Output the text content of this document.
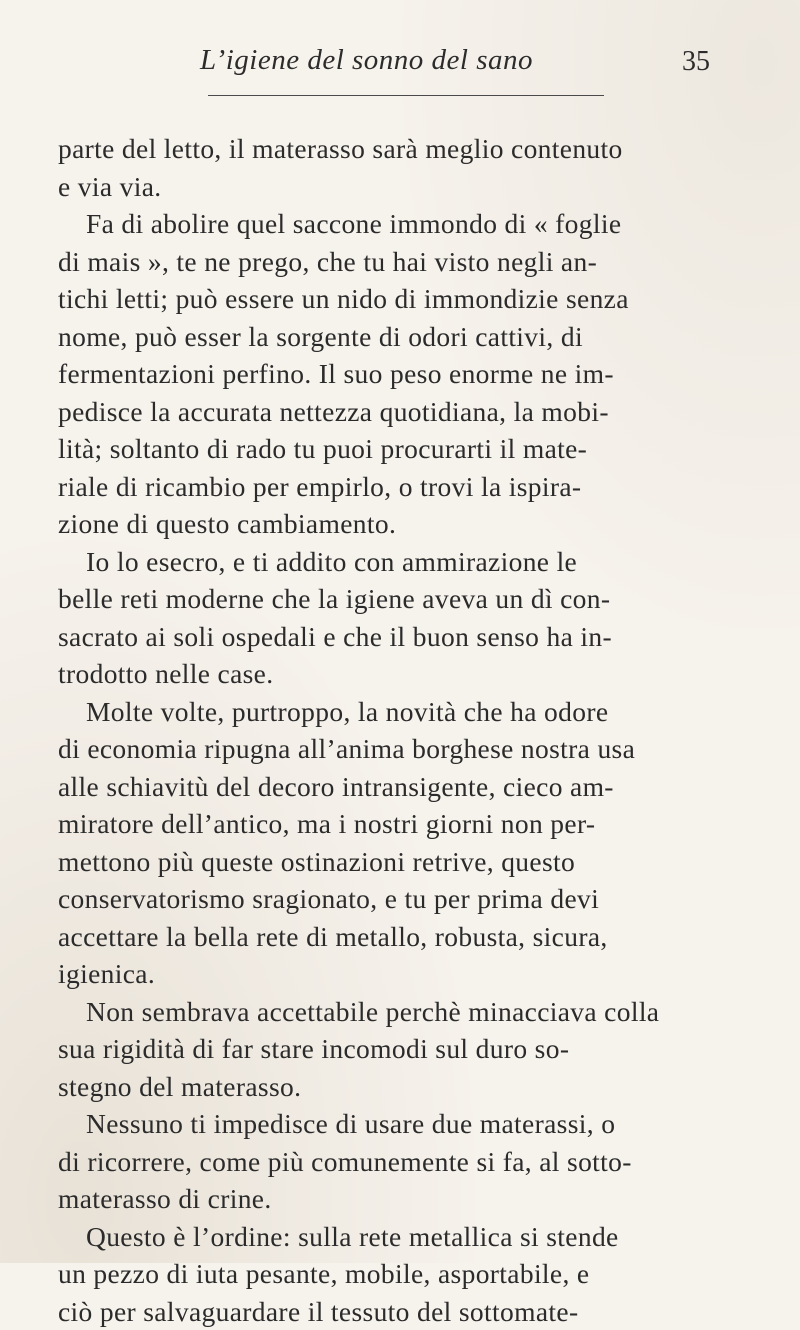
L’igiene del sonno del sano	35
parte del letto, il materasso sarà meglio contenuto
e via via.
Fa di abolire quel saccone immondo di « foglie
di mais », te ne prego, che tu hai visto negli an-
tichi letti; può essere un nido di immondizie senza
nome, può esser la sorgente di odori cattivi, di
fermentazioni perfino. Il suo peso enorme ne im-
pedisce la accurata nettezza quotidiana, la mobi-
lità; soltanto di rado tu puoi procurarti il mate-
riale di ricambio per empirlo, o trovi la ispira-
zione di questo cambiamento.
Io lo esecro, e ti addito con ammirazione le
belle reti moderne che la igiene aveva un dì con-
sacrato ai soli ospedali e che il buon senso ha in-
trodotto nelle case.
Molte volte, purtroppo, la novità che ha odore
di economia ripugna all’anima borghese nostra usa
alle schiavitù del decoro intransigente, cieco am-
miratore dell’antico, ma i nostri giorni non per-
mettono più queste ostinazioni retrive, questo
conservatorismo sragionato, e tu per prima devi
accettare la bella rete di metallo, robusta, sicura,
igienica.
Non sembrava accettabile perchè minacciava colla
sua rigidità di far stare incomodi sul duro so-
stegno del materasso.
Nessuno ti impedisce di usare due materassi, o
di ricorrere, come più comunemente si fa, al sotto-
materasso di crine.
Questo è l’ordine: sulla rete metallica si stende
un pezzo di iuta pesante, mobile, asportabile, e
ciò per salvaguardare il tessuto del sottomate-
